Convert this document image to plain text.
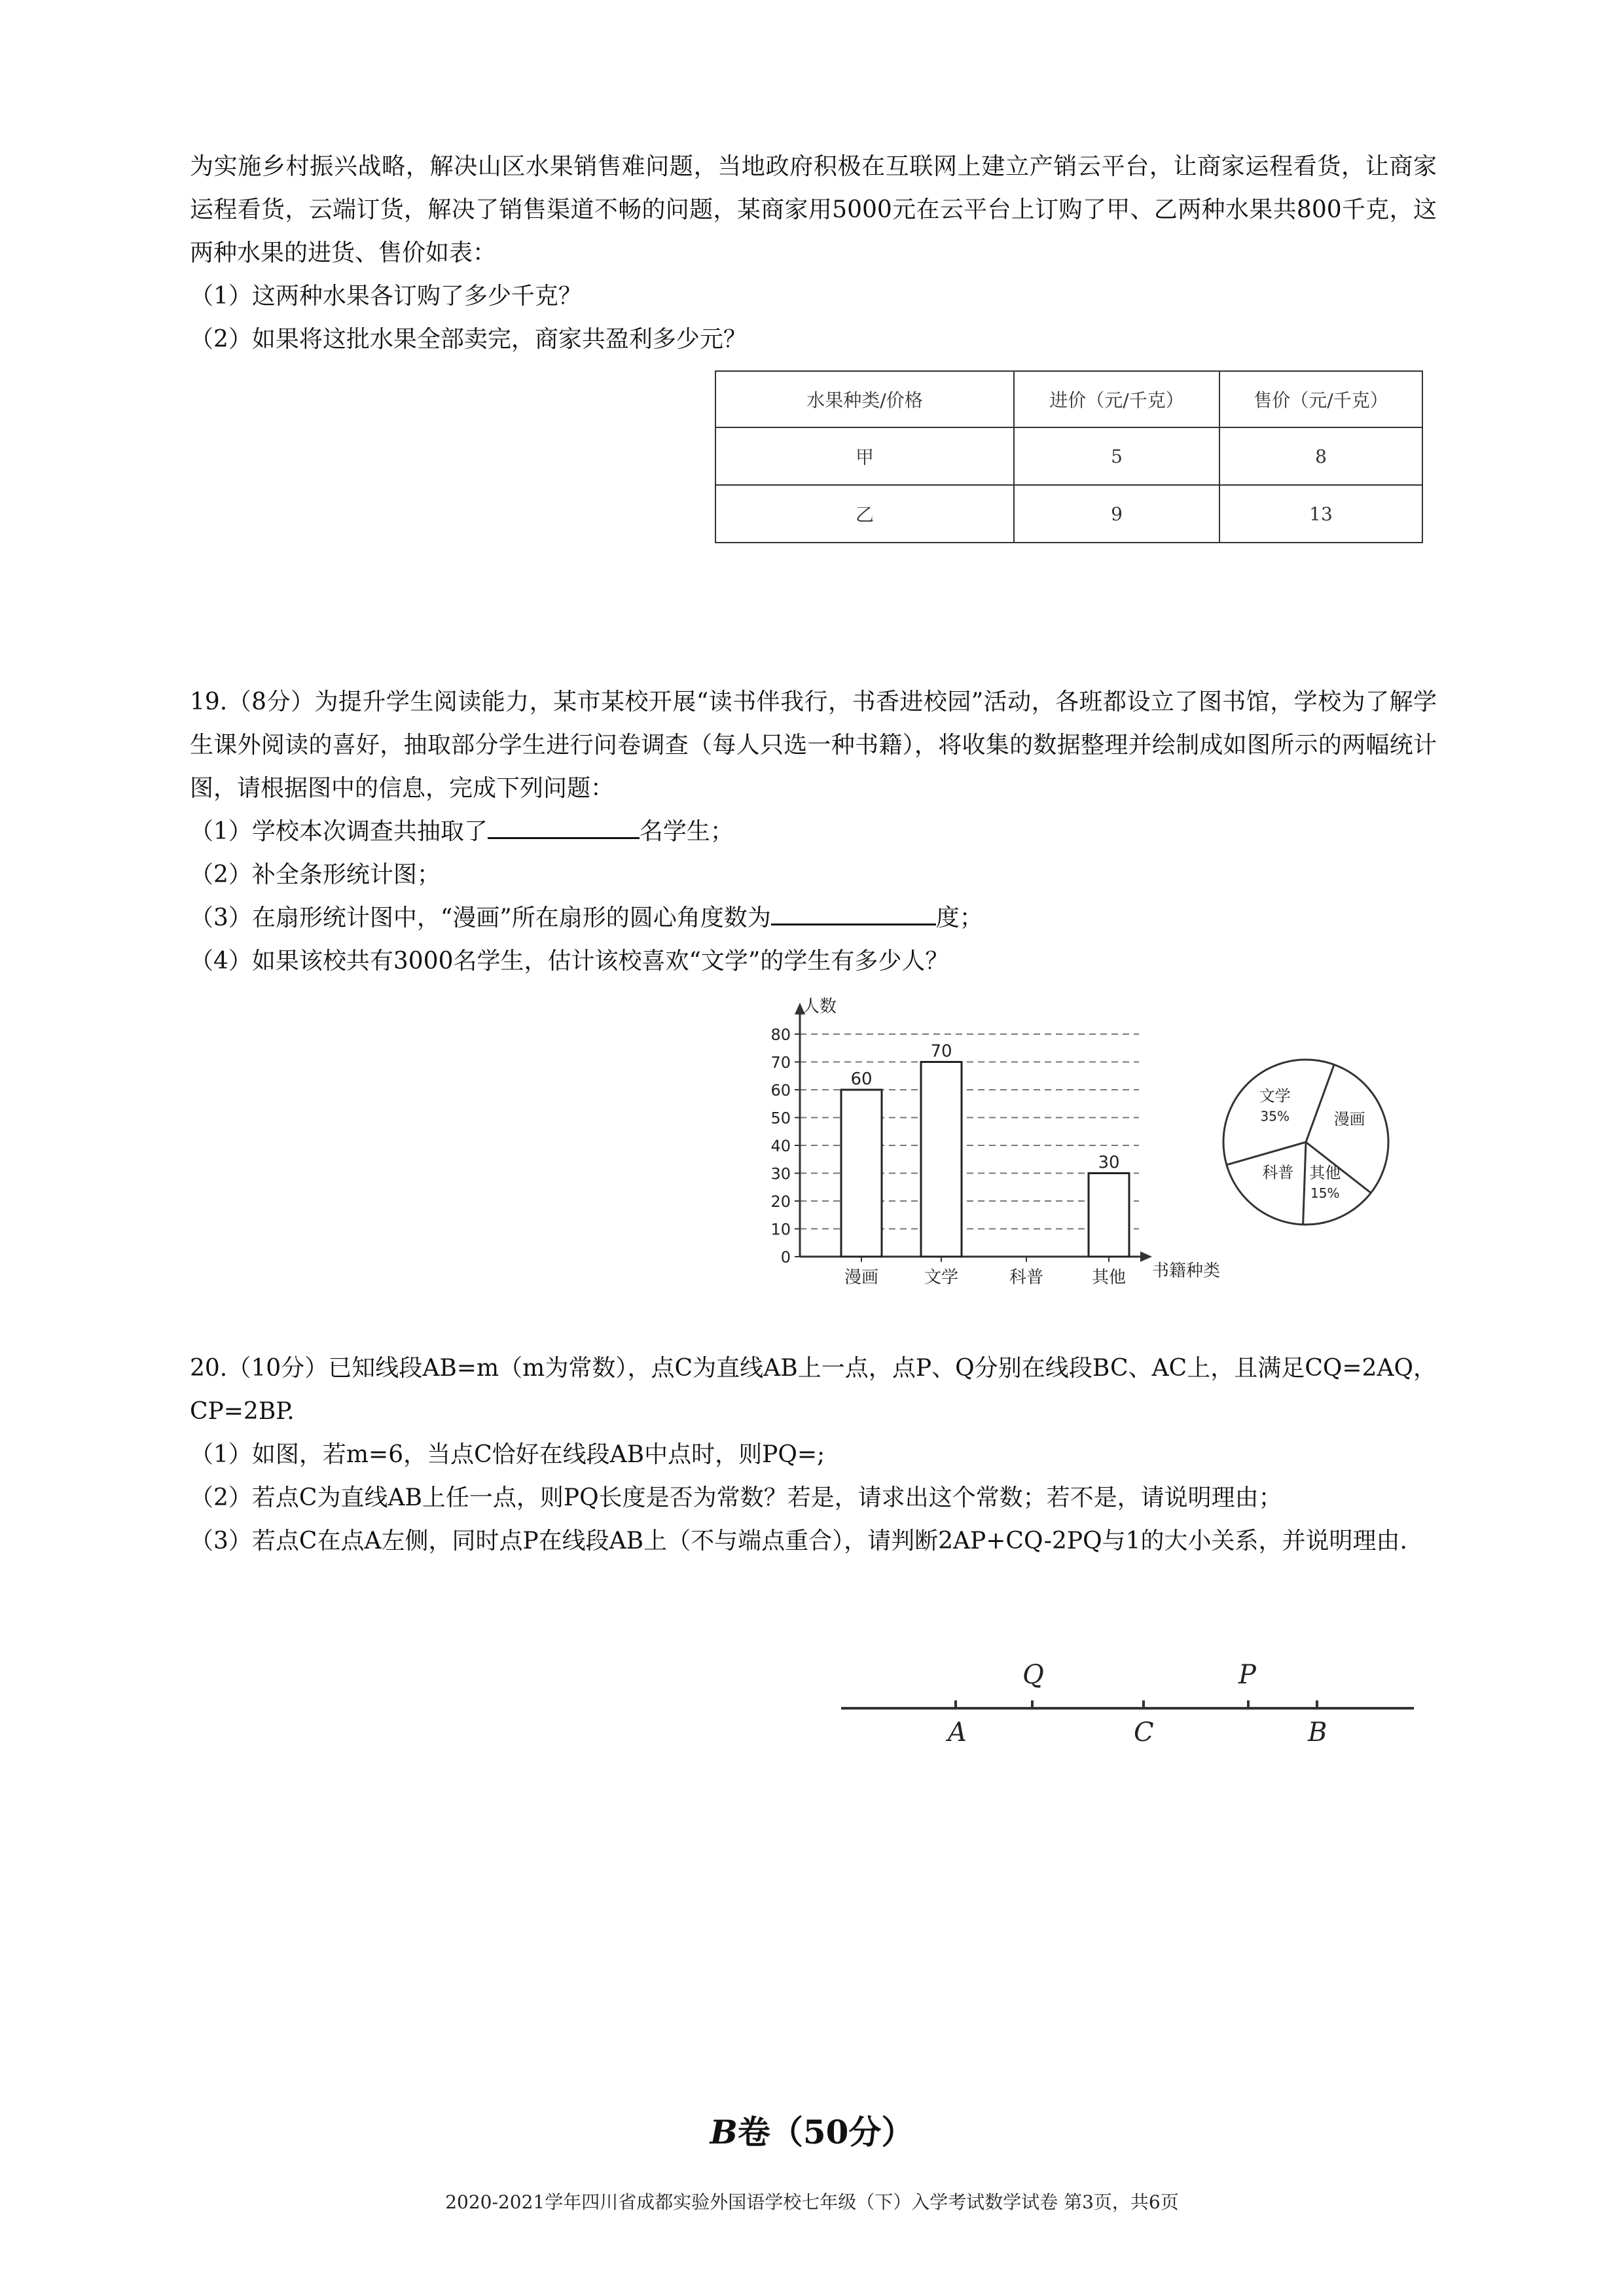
为实施乡村振兴战略，解决山区水果销售难问题，当地政府积极在互联网上建立产销云平台，让商家运程看货，让商家运程看货，云端订货，解决了销售渠道不畅的问题，某商家用5000元在云平台上订购了甲、乙两种水果共800千克，这两种水果的进货、售价如表：

（1）这两种水果各订购了多少千克？

（2）如果将这批水果全部卖完，商家共盈利多少元？

水果种类/价格	进价（元/千克）	售价（元/千克）
甲	5	8
乙	9	13

19.（8分）为提升学生阅读能力，某市某校开展“读书伴我行，书香进校园”活动，各班都设立了图书馆，学校为了解学生课外阅读的喜好，抽取部分学生进行问卷调查（每人只选一种书籍），将收集的数据整理并绘制成如图所示的两幅统计图，请根据图中的信息，完成下列问题：

（1）学校本次调查共抽取了	名学生；

（2）补全条形统计图；

（3）在扇形统计图中，“漫画”所在扇形的圆心角度数为	度；

（4）如果该校共有3000名学生，估计该校喜欢“文学”的学生有多少人？

人数
书籍种类
0
10
20
30
40
50
60
70
80
60
漫画
70
文学	科普
30
其他
漫画
其他
15%
科普
文学
35%

20.（10分）已知线段AB=m（m为常数），点C为直线AB上一点，点P、Q分别在线段BC、AC上，且满足CQ=2AQ，CP=2BP.

（1）如图，若m=6，当点C恰好在线段AB中点时，则PQ=;

（2）若点C为直线AB上任一点，则PQ长度是否为常数？若是，请求出这个常数；若不是，请说明理由；

（3）若点C在点A左侧，同时点P在线段AB上（不与端点重合），请判断2AP+CQ-2PQ与1的大小关系，并说明理由.

A
Q
C
P
B
B卷（50分）
2020-2021学年四川省成都实验外国语学校七年级（下）入学考试数学试卷 第3页，共6页
